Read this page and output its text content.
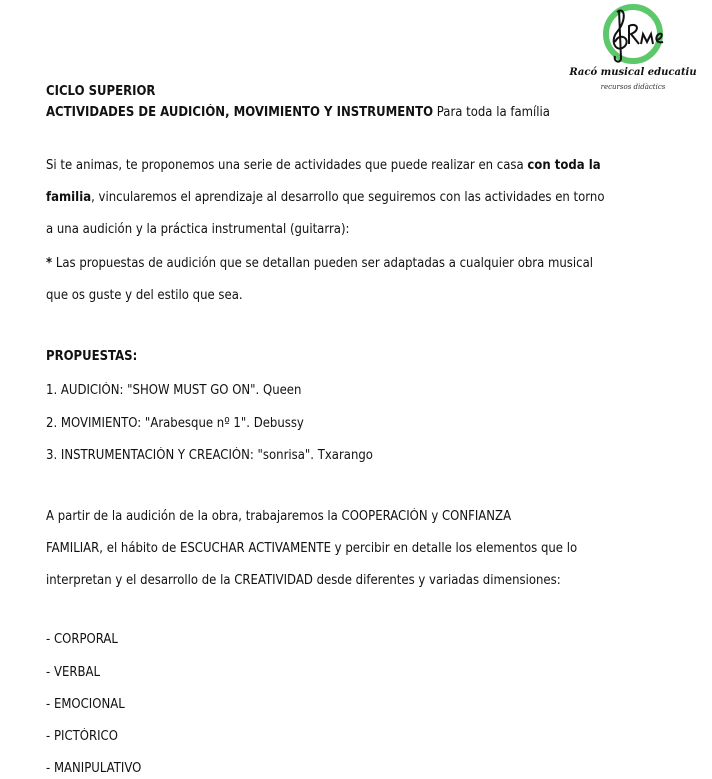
Racó musical educatiu
recursos didàctics
CICLO SUPERIOR
ACTIVIDADES DE AUDICIÓN, MOVIMIENTO Y INSTRUMENTO Para toda la família
Si te animas, te proponemos una serie de actividades que puede realizar en casa con toda la
familia, vincularemos el aprendizaje al desarrollo que seguiremos con las actividades en torno
a una audición y la práctica instrumental (guitarra):
* Las propuestas de audición que se detallan pueden ser adaptadas a cualquier obra musical
que os guste y del estilo que sea.
PROPUESTAS:
1. AUDICIÓN: "SHOW MUST GO ON". Queen
2. MOVIMIENTO: "Arabesque nº 1". Debussy
3. INSTRUMENTACIÓN Y CREACIÓN: "sonrisa". Txarango
A partir de la audición de la obra, trabajaremos la COOPERACIÓN y CONFIANZA
FAMILIAR, el hábito de ESCUCHAR ACTIVAMENTE y percibir en detalle los elementos que lo
interpretan y el desarrollo de la CREATIVIDAD desde diferentes y variadas dimensiones:
- CORPORAL
- VERBAL
- EMOCIONAL
- PICTÓRICO
- MANIPULATIVO
